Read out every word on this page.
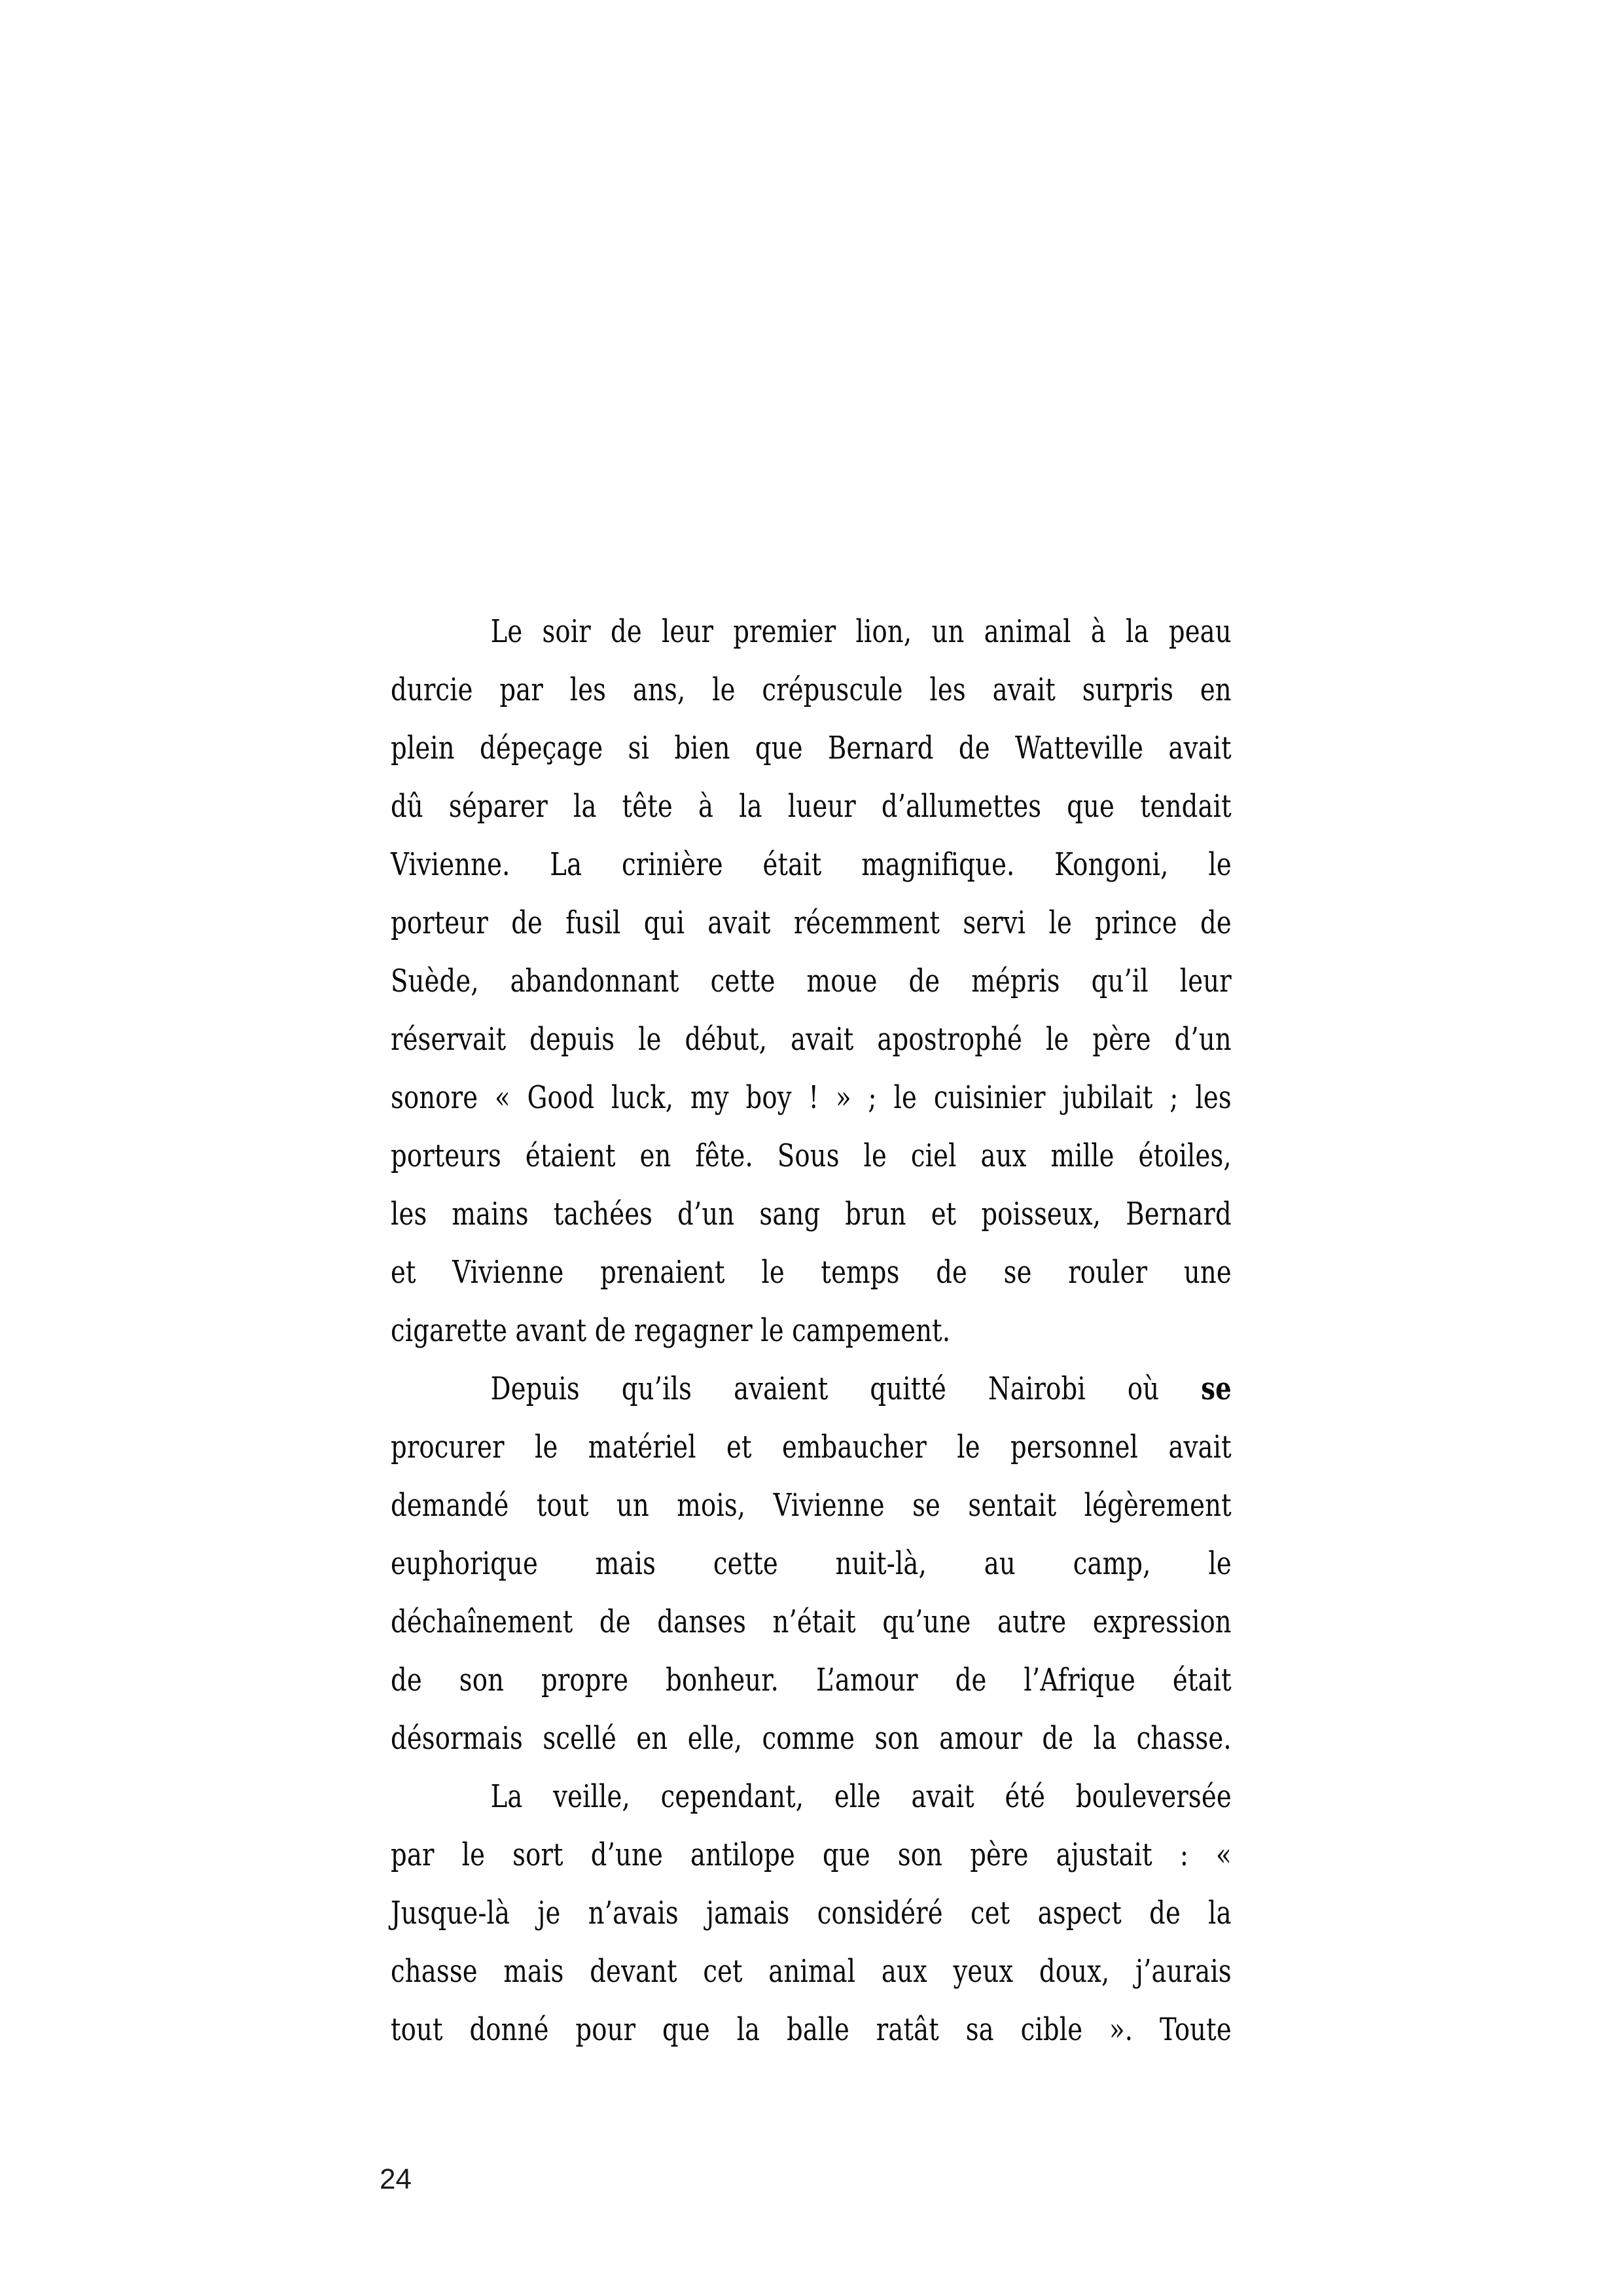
Le soir de leur premier lion, un animal à la peau
durcie par les ans, le crépuscule les avait surpris en
plein dépeçage si bien que Bernard de Watteville avait
dû séparer la tête à la lueur d’allumettes que tendait
Vivienne. La crinière était magnifique. Kongoni, le
porteur de fusil qui avait récemment servi le prince de
Suède, abandonnant cette moue de mépris qu’il leur
réservait depuis le début, avait apostrophé le père d’un
sonore « Good luck, my boy ! » ; le cuisinier jubilait ; les
porteurs étaient en fête. Sous le ciel aux mille étoiles,
les mains tachées d’un sang brun et poisseux, Bernard
et Vivienne prenaient le temps de se rouler une
cigarette avant de regagner le campement.
Depuis qu’ils avaient quitté Nairobi où se
procurer le matériel et embaucher le personnel avait
demandé tout un mois, Vivienne se sentait légèrement
euphorique mais cette nuit-là, au camp, le
déchaînement de danses n’était qu’une autre expression
de son propre bonheur. L’amour de l’Afrique était
désormais scellé en elle, comme son amour de la chasse.
La veille, cependant, elle avait été bouleversée
par le sort d’une antilope que son père ajustait : «
Jusque-là je n’avais jamais considéré cet aspect de la
chasse mais devant cet animal aux yeux doux, j’aurais
tout donné pour que la balle ratât sa cible ». Toute
24
